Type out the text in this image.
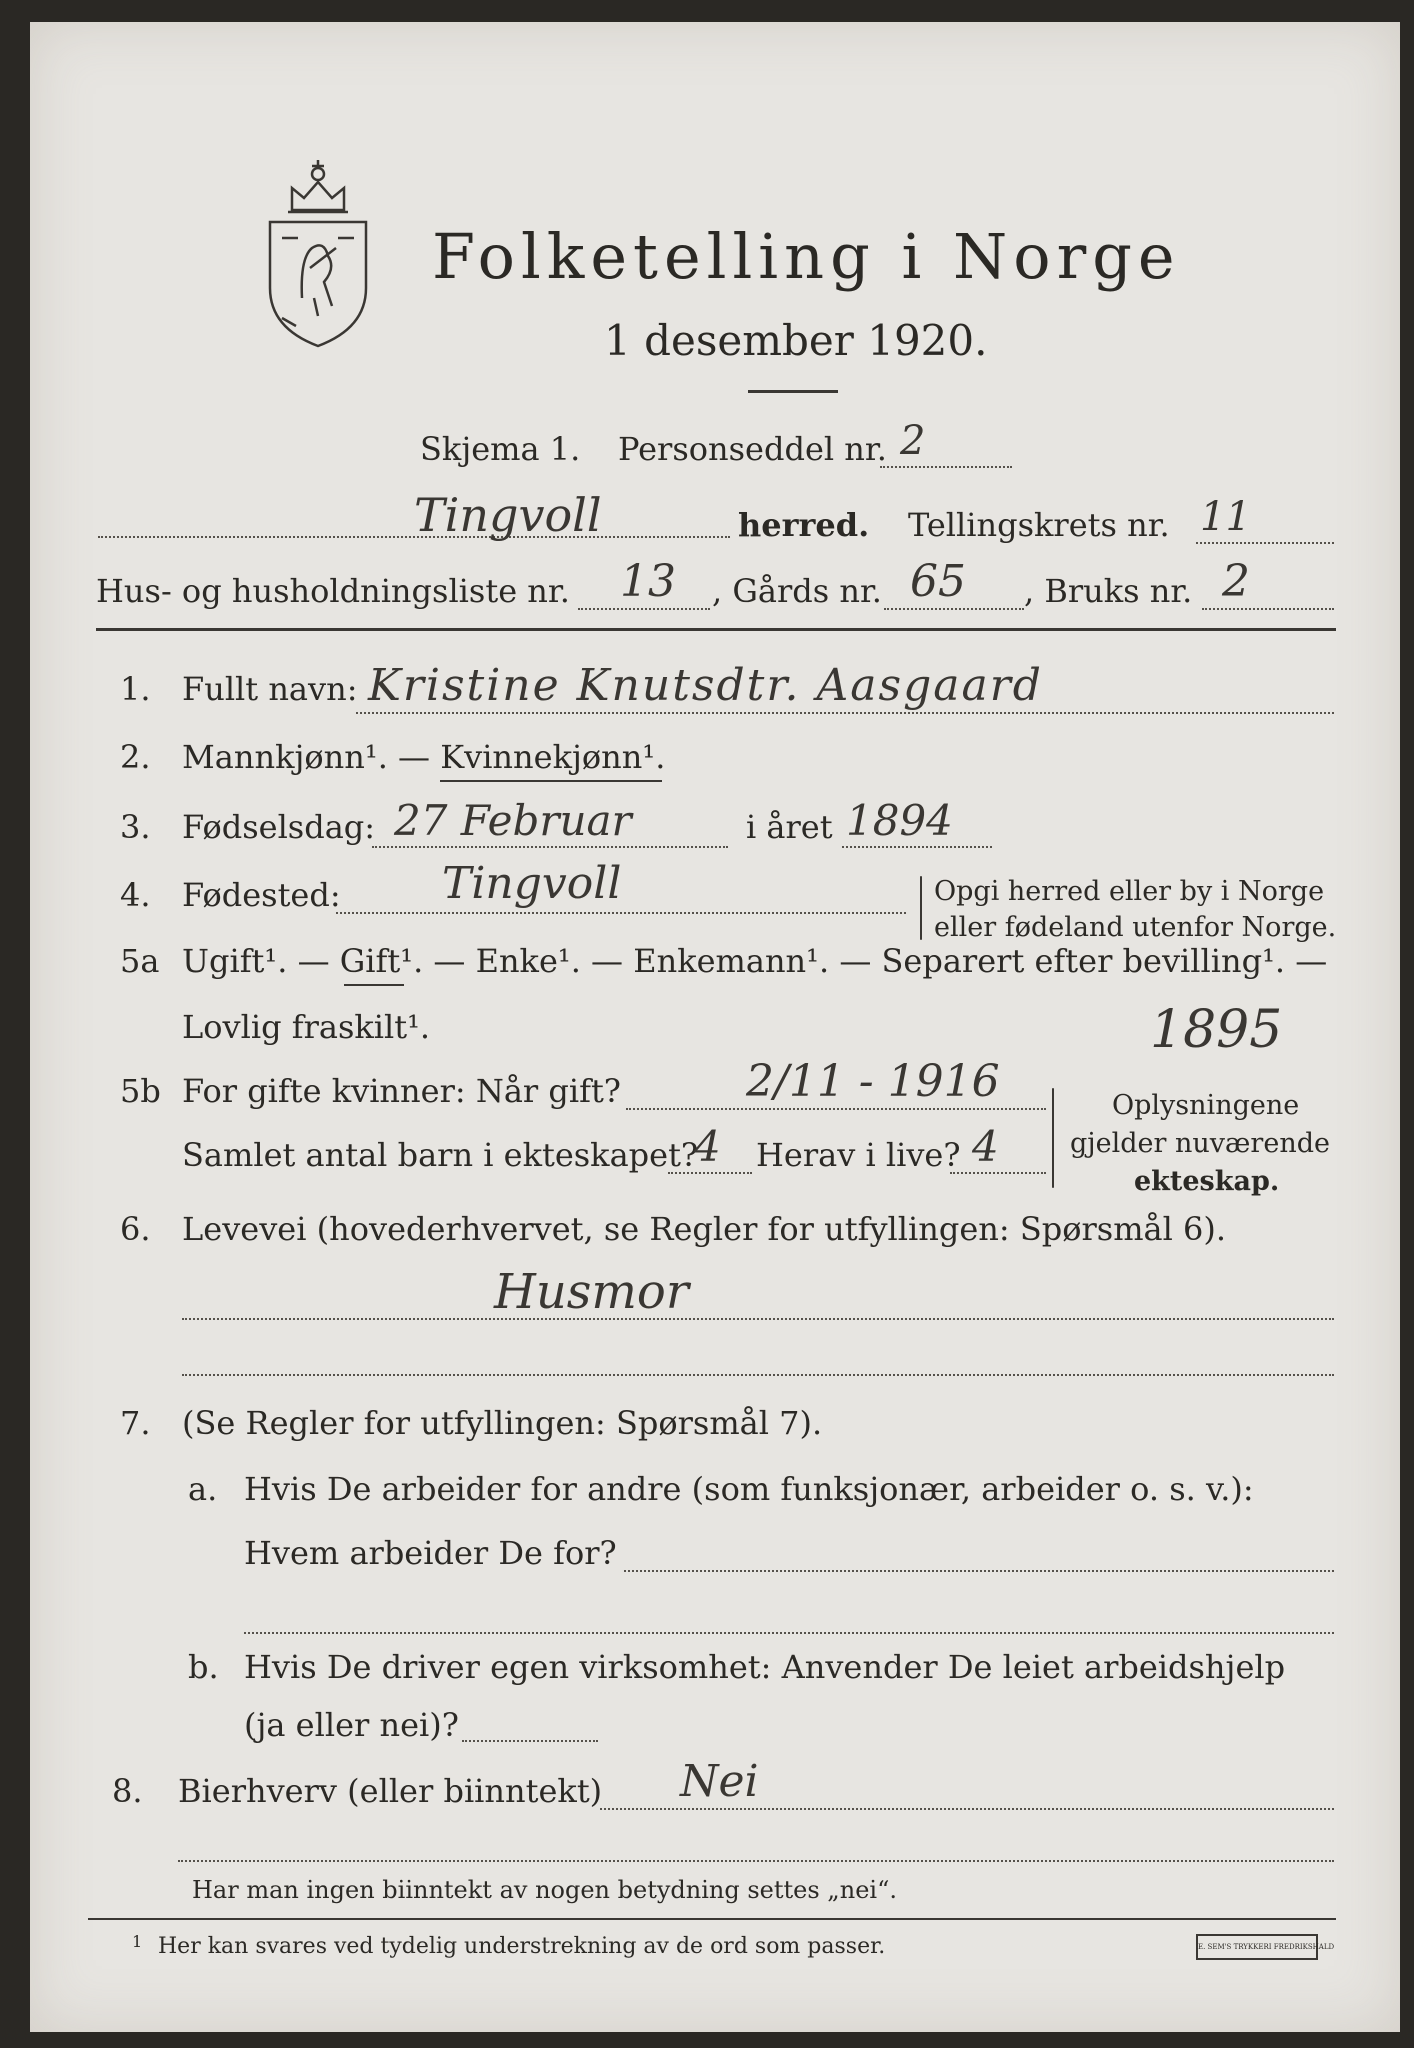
Folketelling i Norge
1 desember 1920.
Skjema 1. Personseddel nr. 2
Tingvoll	herred. Tellingskrets nr. 11
Hus- og husholdningsliste nr. 13 , Gårds nr. 65 , Bruks nr. 2
1. Fullt navn: Kristine Knutsdtr. Aasgaard
2. Mannkjønn¹. — Kvinnekjønn¹.
3. Fødselsdag: 27 Februar	i året 1894
4. Fødested: Tingvoll	Opgi herred eller by i Norge
eller fødeland utenfor Norge.
5a Ugift¹. — Gift¹. — Enke¹. — Enkemann¹. — Separert efter bevilling¹. —
Lovlig fraskilt¹.	1895
5b For gifte kvinner: Når gift?	2/11 - 1916
Samlet antal barn i ekteskapet?
4 Herav i live? 4
Oplysningene
gjelder nuværende
ekteskap.
6. Levevei (hovederhvervet, se Regler for utfyllingen: Spørsmål 6).
Husmor
7. (Se Regler for utfyllingen: Spørsmål 7).
a. Hvis De arbeider for andre (som funksjonær, arbeider o. s. v.):
Hvem arbeider De for?
b. Hvis De driver egen virksomhet: Anvender De leiet arbeidshjelp
(ja eller nei)?
8. Bierhverv (eller biinntekt) Nei
Har man ingen biinntekt av nogen betydning settes „nei“.
1 Her kan svares ved tydelig understrekning av de ord som passer.	E. SEM'S TRYKKERI FREDRIKSHALD
